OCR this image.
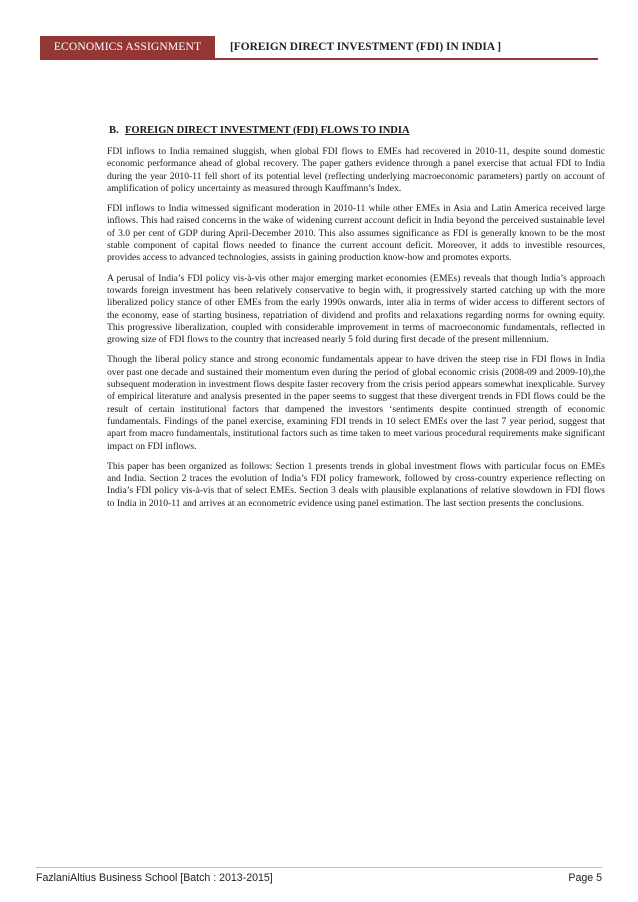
ECONOMICS ASSIGNMENT	[FOREIGN DIRECT INVESTMENT (FDI) IN INDIA ]
B. FOREIGN DIRECT INVESTMENT (FDI) FLOWS TO INDIA

FDI inflows to India remained sluggish, when global FDI flows to EMEs had recovered in 2010-11, despite sound domestic economic performance ahead of global recovery. The paper gathers evidence through a panel exercise that actual FDI to India during the year 2010-11 fell short of its potential level (reflecting underlying macroeconomic parameters) partly on account of amplification of policy uncertainty as measured through Kauffmann’s Index.

FDI inflows to India witnessed significant moderation in 2010-11 while other EMEs in Asia and Latin America received large inflows. This had raised concerns in the wake of widening current account deficit in India beyond the perceived sustainable level of 3.0 per cent of GDP during April-December 2010. This also assumes significance as FDI is generally known to be the most stable component of capital flows needed to finance the current account deficit. Moreover, it adds to investible resources, provides access to advanced technologies, assists in gaining production know-how and promotes exports.

A perusal of India’s FDI policy vis-à-vis other major emerging market economies (EMEs) reveals that though India’s approach towards foreign investment has been relatively conservative to begin with, it progressively started catching up with the more liberalized policy stance of other EMEs from the early 1990s onwards, inter alia in terms of wider access to different sectors of the economy, ease of starting business, repatriation of dividend and profits and relaxations regarding norms for owning equity. This progressive liberalization, coupled with considerable improvement in terms of macroeconomic fundamentals, reflected in growing size of FDI flows to the country that increased nearly 5 fold during first decade of the present millennium.

Though the liberal policy stance and strong economic fundamentals appear to have driven the steep rise in FDI flows in India over past one decade and sustained their momentum even during the period of global economic crisis (2008-09 and 2009-10),the subsequent moderation in investment flows despite faster recovery from the crisis period appears somewhat inexplicable. Survey of empirical literature and analysis presented in the paper seems to suggest that these divergent trends in FDI flows could be the result of certain institutional factors that dampened the investors ‘sentiments despite continued strength of economic fundamentals. Findings of the panel exercise, examining FDI trends in 10 select EMEs over the last 7 year period, suggest that apart from macro fundamentals, institutional factors such as time taken to meet various procedural requirements make significant impact on FDI inflows.

This paper has been organized as follows: Section 1 presents trends in global investment flows with particular focus on EMEs and India. Section 2 traces the evolution of India’s FDI policy framework, followed by cross-country experience reflecting on India’s FDI policy vis-à-vis that of select EMEs. Section 3 deals with plausible explanations of relative slowdown in FDI flows to India in 2010-11 and arrives at an econometric evidence using panel estimation. The last section presents the conclusions.

FazlaniAltius Business School [Batch : 2013-2015]	Page 5
